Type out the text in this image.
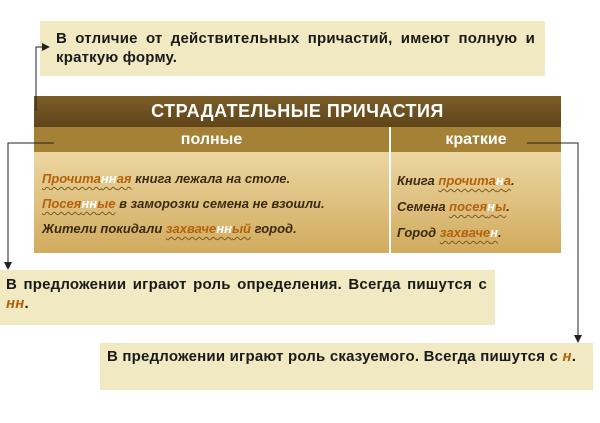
В отличие от действительных причастий, имеют полную и краткую форму.
СТРАДАТЕЛЬНЫЕ ПРИЧАСТИЯ
полные	краткие
Прочитанная книга лежала на столе.
Посеянные в заморозки семена не взошли.
Жители покидали захваченный город.
Книга прочитана.
Семена посеяны.
Город захвачен.
В предложении играют роль определения. Всегда пишутся с нн.
В предложении играют роль сказуемого. Всегда пишутся с н.
